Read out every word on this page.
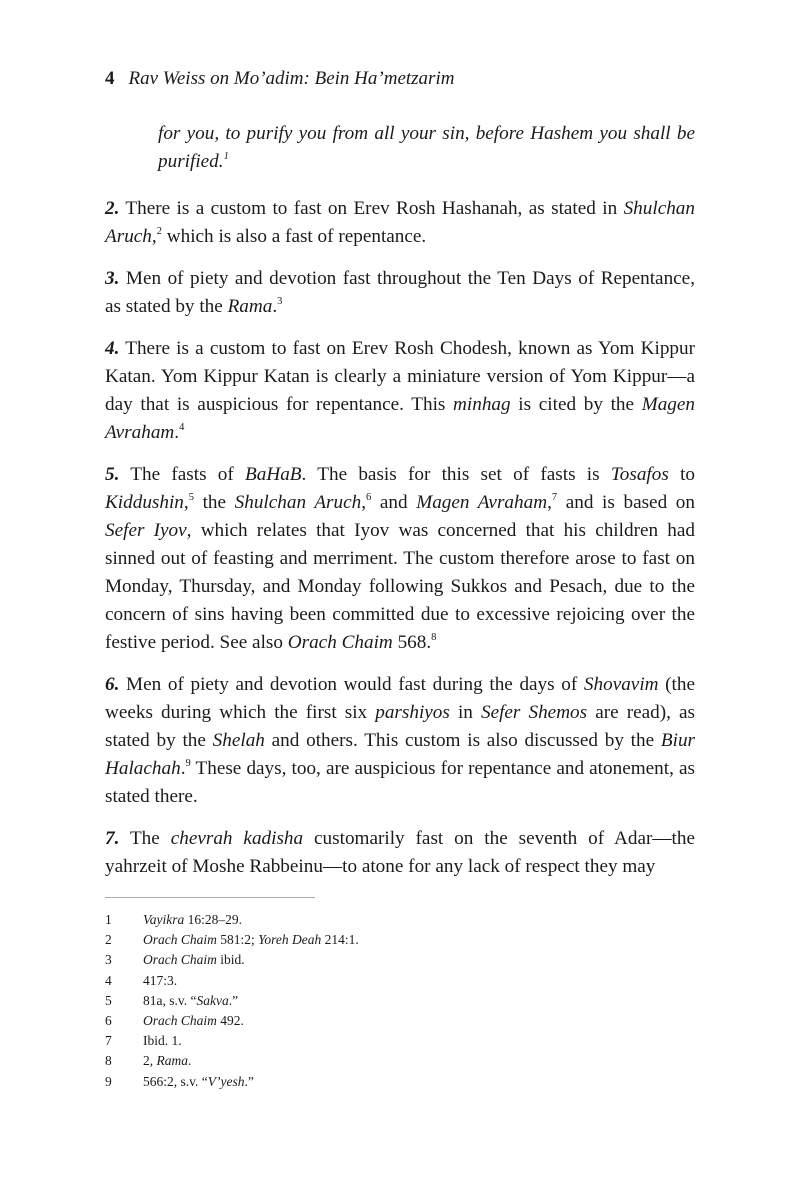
4 Rav Weiss on Mo’adim: Bein Ha’metzarim

for you, to purify you from all your sin, before Hashem you shall be purified.$^1$

2. There is a custom to fast on Erev Rosh Hashanah, as stated in Shulchan Aruch,$^2$ which is also a fast of repentance.

3. Men of piety and devotion fast throughout the Ten Days of Repentance, as stated by the Rama.$^3$

4. There is a custom to fast on Erev Rosh Chodesh, known as Yom Kippur Katan. Yom Kippur Katan is clearly a miniature version of Yom Kippur—a day that is auspicious for repentance. This minhag is cited by the Magen Avraham.$^4$

5. The fasts of BaHaB. The basis for this set of fasts is Tosafos to Kiddushin,$^5$ the Shulchan Aruch,$^6$ and Magen Avraham,$^7$ and is based on Sefer Iyov, which relates that Iyov was concerned that his children had sinned out of feasting and merriment. The custom therefore arose to fast on Monday, Thursday, and Monday following Sukkos and Pesach, due to the concern of sins having been committed due to excessive rejoicing over the festive period. See also Orach Chaim 568.$^8$

6. Men of piety and devotion would fast during the days of Shovavim (the weeks during which the first six parshiyos in Sefer Shemos are read), as stated by the Shelah and others. This custom is also discussed by the Biur Halachah.$^9$ These days, too, are auspicious for repentance and atonement, as stated there.

7. The chevrah kadisha customarily fast on the seventh of Adar—the yahrzeit of Moshe Rabbeinu—to atone for any lack of respect they may

1	Vayikra 16:28–29.
2	Orach Chaim 581:2; Yoreh Deah 214:1.
3	Orach Chaim ibid.
4	417:3.
5	81a, s.v. “Sakva.”
6	Orach Chaim 492.
7	Ibid. 1.
8	2, Rama.
9	566:2, s.v. “V’yesh.”
